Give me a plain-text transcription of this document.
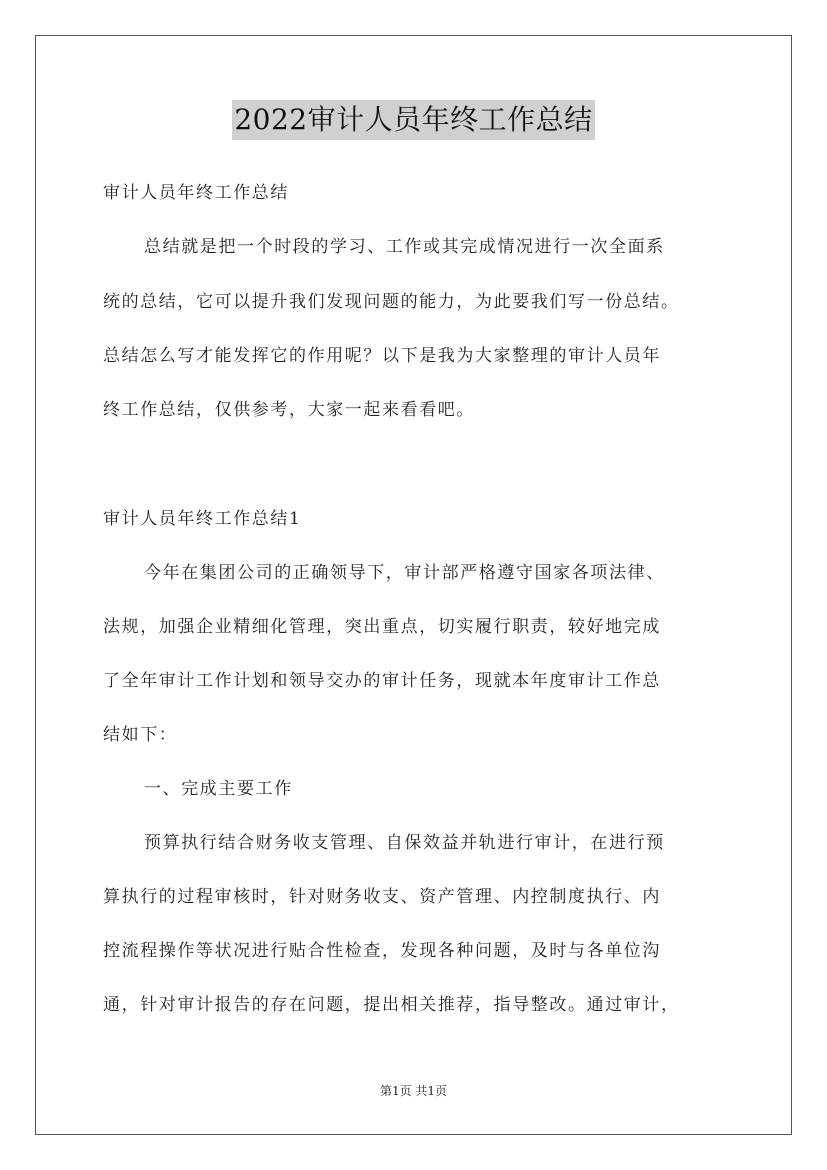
2022审计人员年终工作总结
审计人员年终工作总结
总结就是把一个时段的学习、工作或其完成情况进行一次全面系
统的总结，它可以提升我们发现问题的能力，为此要我们写一份总结。
总结怎么写才能发挥它的作用呢？以下是我为大家整理的审计人员年
终工作总结，仅供参考，大家一起来看看吧。
审计人员年终工作总结1
今年在集团公司的正确领导下，审计部严格遵守国家各项法律、
法规，加强企业精细化管理，突出重点，切实履行职责，较好地完成
了全年审计工作计划和领导交办的审计任务，现就本年度审计工作总
结如下：
一、完成主要工作
预算执行结合财务收支管理、自保效益并轨进行审计，在进行预
算执行的过程审核时，针对财务收支、资产管理、内控制度执行、内
控流程操作等状况进行贴合性检查，发现各种问题，及时与各单位沟
通，针对审计报告的存在问题，提出相关推荐，指导整改。通过审计，
第1页 共1页
